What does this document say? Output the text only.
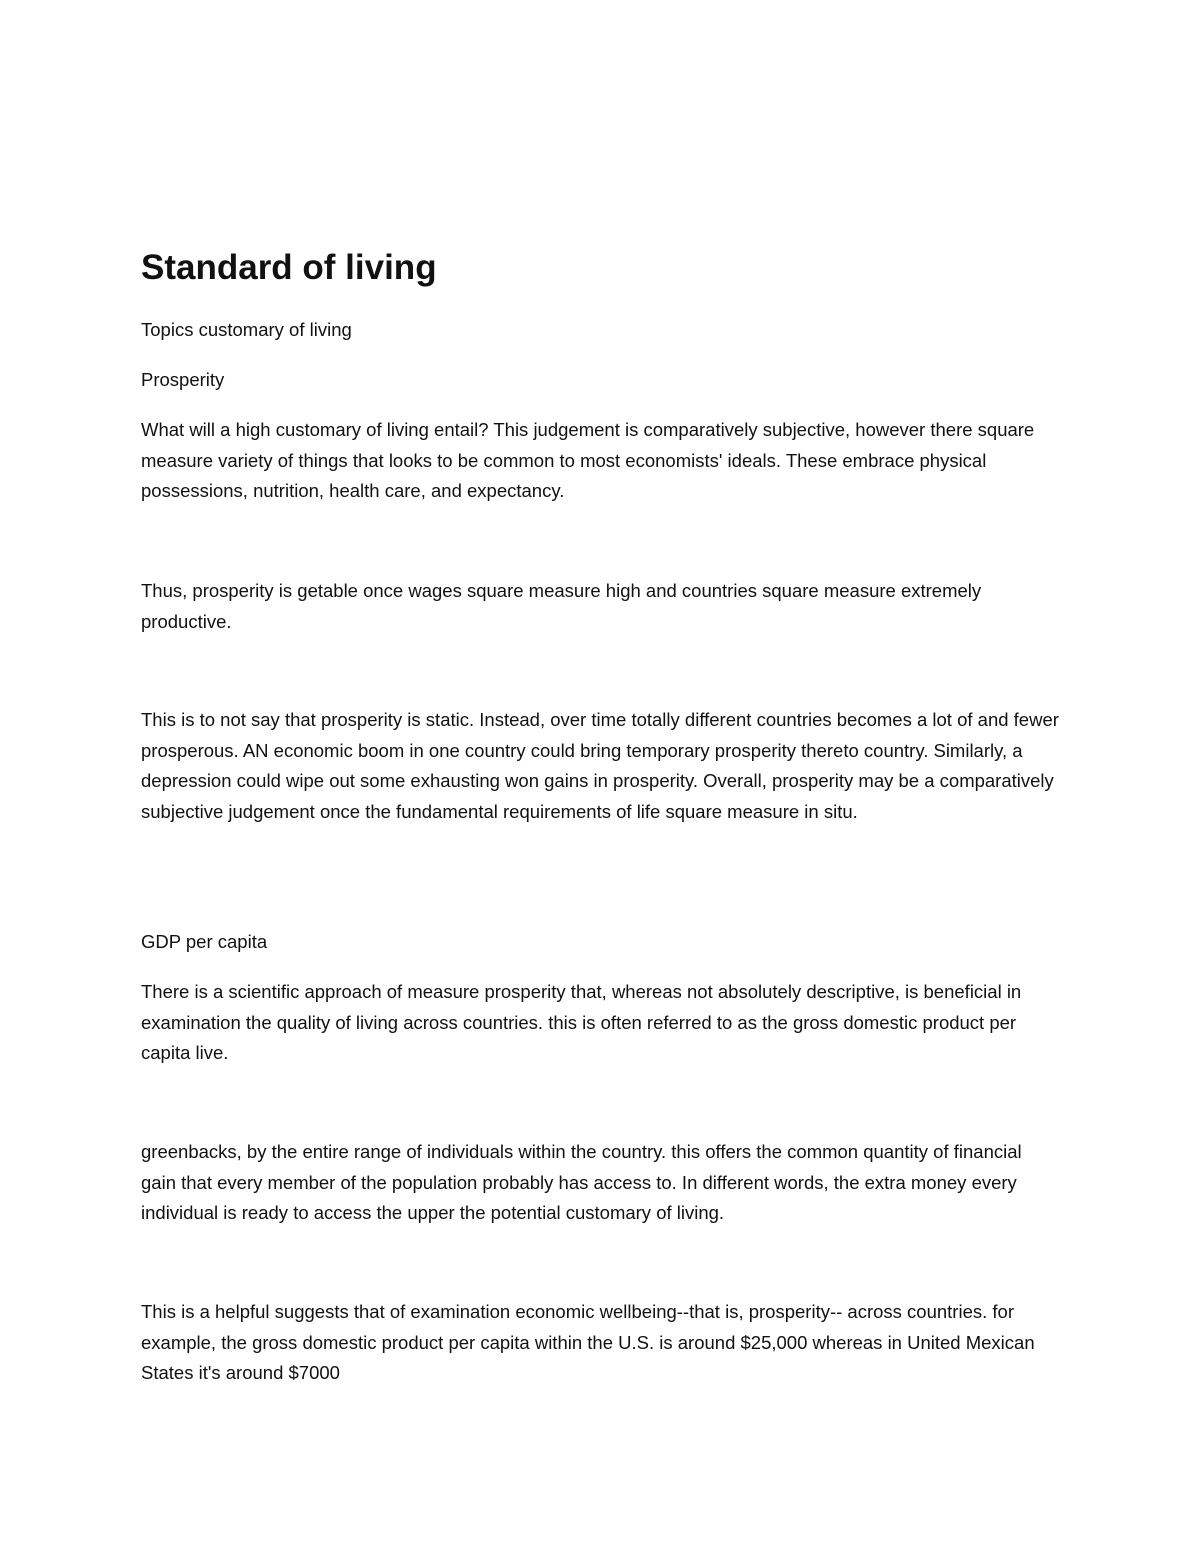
Standard of living

Topics customary of living

Prosperity

What will a high customary of living entail? This judgement is comparatively subjective, however there square measure variety of things that looks to be common to most economists' ideals. These embrace physical possessions, nutrition, health care, and expectancy.

Thus, prosperity is getable once wages square measure high and countries square measure extremely productive.

This is to not say that prosperity is static. Instead, over time totally different countries becomes a lot of and fewer prosperous. AN economic boom in one country could bring temporary prosperity thereto country. Similarly, a depression could wipe out some exhausting won gains in prosperity. Overall, prosperity may be a comparatively subjective judgement once the fundamental requirements of life square measure in situ.

GDP per capita

There is a scientific approach of measure prosperity that, whereas not absolutely descriptive, is beneficial in examination the quality of living across countries. this is often referred to as the gross domestic product per capita live.

greenbacks, by the entire range of individuals within the country. this offers the common quantity of financial gain that every member of the population probably has access to. In different words, the extra money every individual is ready to access the upper the potential customary of living.

This is a helpful suggests that of examination economic wellbeing--that is, prosperity-- across countries. for example, the gross domestic product per capita within the U.S. is around $25,000 whereas in United Mexican States it's around $7000
